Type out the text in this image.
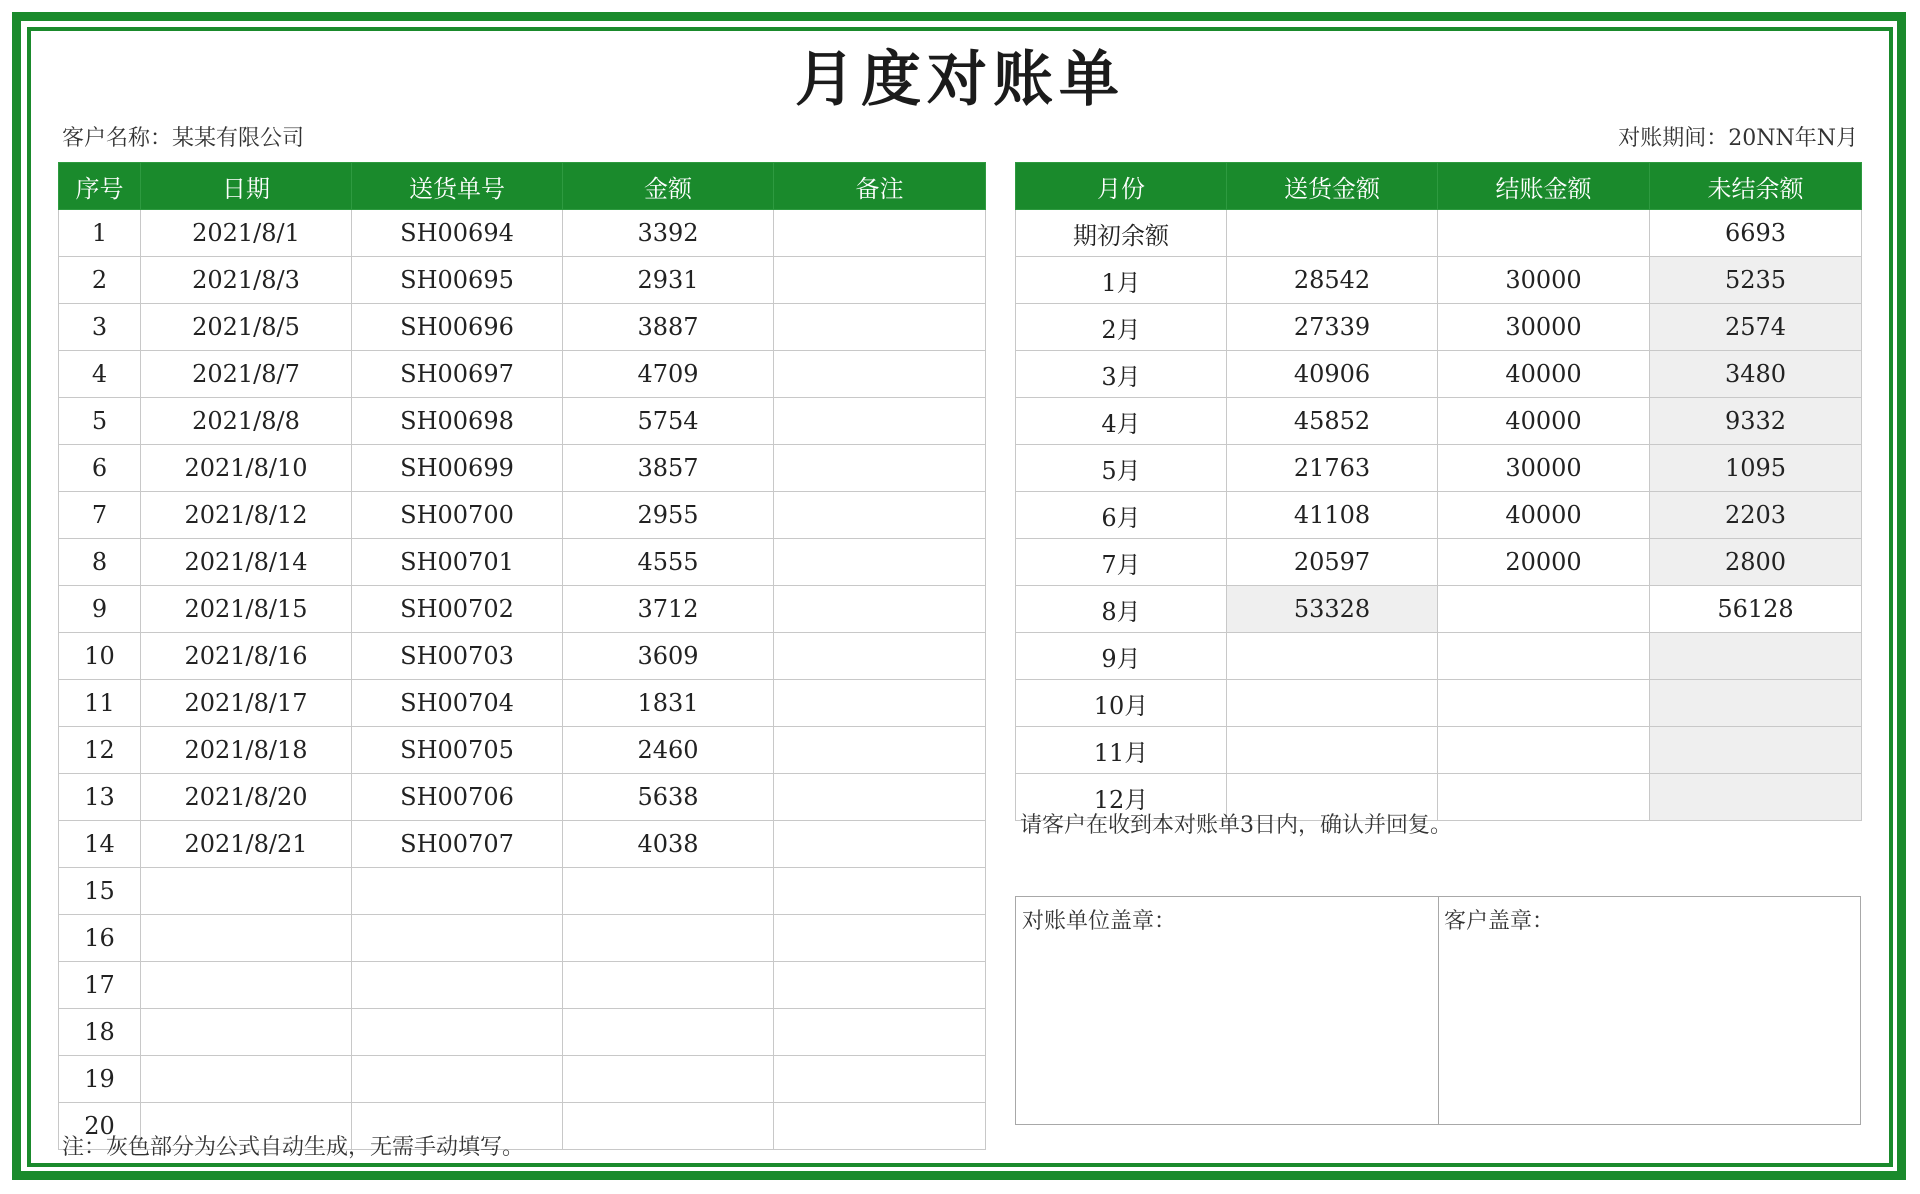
月度对账单
客户名称：某某有限公司	对账期间：20NN年N月
序号	日期	送货单号	金额	备注
1	2021/8/1	SH00694	3392	
2	2021/8/3	SH00695	2931	
3	2021/8/5	SH00696	3887	
4	2021/8/7	SH00697	4709	
5	2021/8/8	SH00698	5754	
6	2021/8/10	SH00699	3857	
7	2021/8/12	SH00700	2955	
8	2021/8/14	SH00701	4555	
9	2021/8/15	SH00702	3712	
10	2021/8/16	SH00703	3609	
11	2021/8/17	SH00704	1831	
12	2021/8/18	SH00705	2460	
13	2021/8/20	SH00706	5638	
14	2021/8/21	SH00707	4038	
15				
16				
17				
18				
19				
20				
月份	送货金额	结账金额	未结余额
期初余额			6693
1月	28542	30000	5235
2月	27339	30000	2574
3月	40906	40000	3480
4月	45852	40000	9332
5月	21763	30000	1095
6月	41108	40000	2203
7月	20597	20000	2800
8月	53328		56128
9月			
10月			
11月			
12月			
请客户在收到本对账单3日内，确认并回复。
对账单位盖章：	客户盖章：
注：灰色部分为公式自动生成，无需手动填写。
